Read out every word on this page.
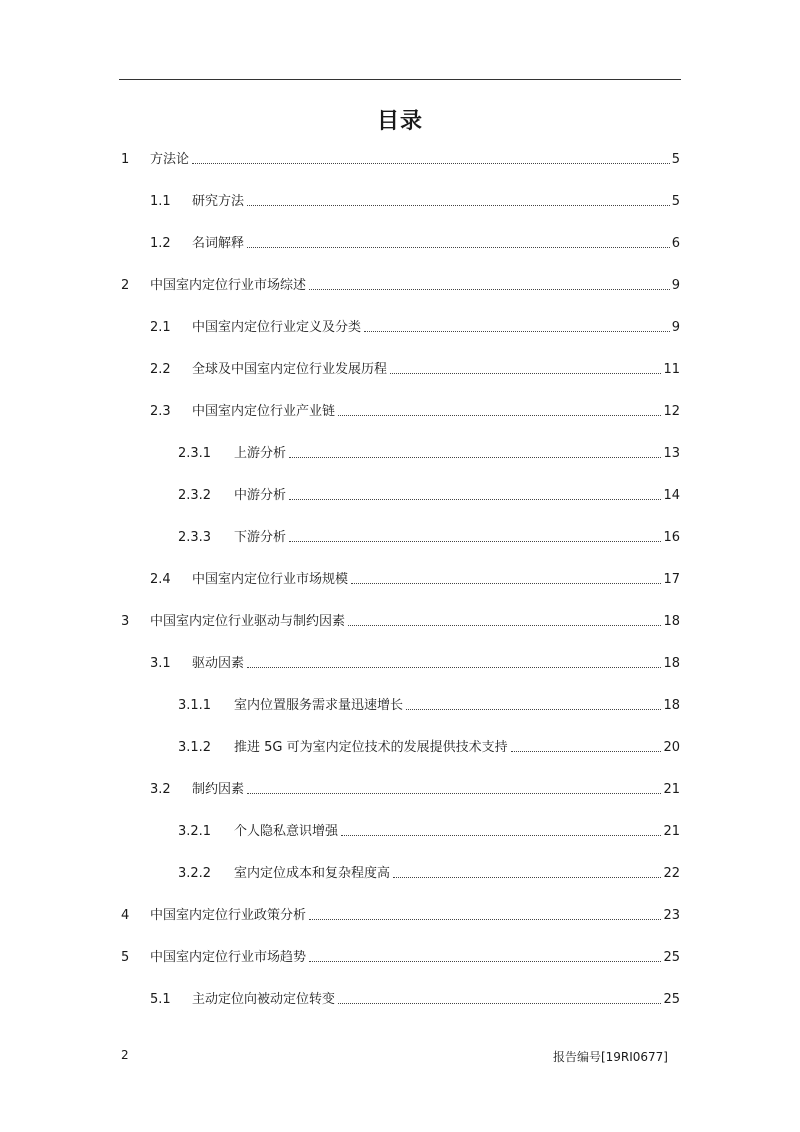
目录
1 方法论	5
1.1 研究方法	5
1.2 名词解释	6
2 中国室内定位行业市场综述	9
2.1 中国室内定位行业定义及分类	9
2.2 全球及中国室内定位行业发展历程	11
2.3 中国室内定位行业产业链	12
2.3.1 上游分析	13
2.3.2 中游分析	14
2.3.3 下游分析	16
2.4 中国室内定位行业市场规模	17
3 中国室内定位行业驱动与制约因素	18
3.1 驱动因素	18
3.1.1 室内位置服务需求量迅速增长	18
3.1.2 推进 5G 可为室内定位技术的发展提供技术支持	20
3.2 制约因素	21
3.2.1 个人隐私意识增强	21
3.2.2 室内定位成本和复杂程度高	22
4 中国室内定位行业政策分析	23
5 中国室内定位行业市场趋势	25
5.1 主动定位向被动定位转变	25
2	报告编号[19RI0677]
